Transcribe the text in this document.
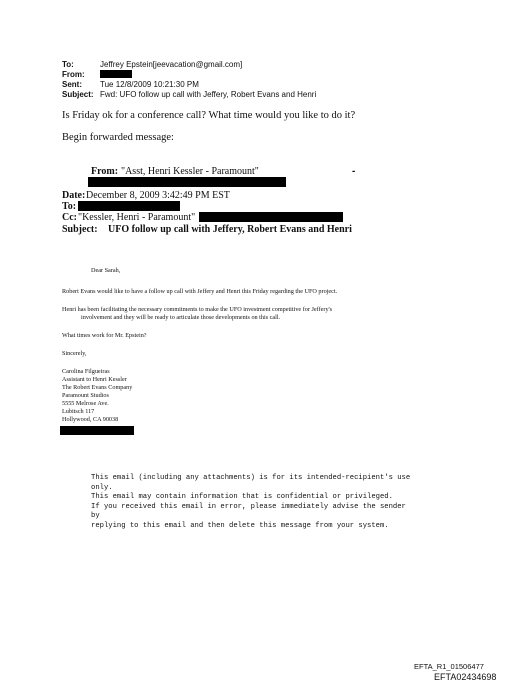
To:	Jeffrey Epstein[jeevacation@gmail.com]
From:
Sent: Tue 12/8/2009 10:21:30 PM
Subject: Fwd: UFO follow up call with Jeffery, Robert Evans and Henri
Is Friday ok for a conference call? What time would you like to do it?
Begin forwarded message:
From: "Asst, Henri Kessler - Paramount"	-
Date: December 8, 2009 3:42:49 PM EST
To:
Cc: "Kessler, Henri - Paramount"
Subject: UFO follow up call with Jeffery, Robert Evans and Henri
Dear Sarah,
Robert Evans would like to have a follow up call with Jeffery and Henri this Friday regarding the UFO project.
Henri has been facilitating the necessary commitments to make the UFO investment competitive for Jeffery's
involvement and they will be ready to articulate those developments on this call.
What times work for Mr. Epstein?
Sincerely,
Carolina Filgueiras
Assistant to Henri Kessler
The Robert Evans Company
Paramount Studios
5555 Melrose Ave.
Lubitsch 117
Hollywood, CA 90038
This email (including any attachments) is for its intended-recipient's use
only.
This email may contain information that is confidential or privileged.
If you received this email in error, please immediately advise the sender
by
replying to this email and then delete this message from your system.
EFTA_R1_01506477
EFTA02434698
